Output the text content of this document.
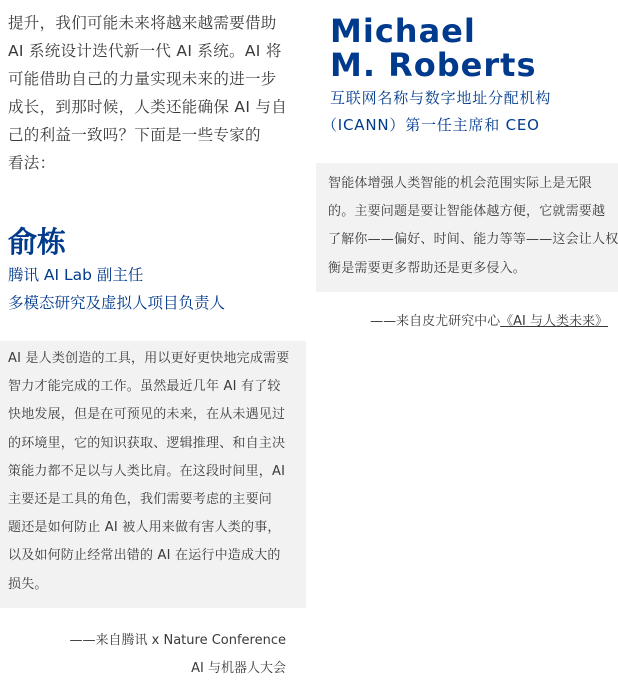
提升，我们可能未来将越来越需要借助
AI 系统设计迭代新一代 AI 系统。AI 将
可能借助自己的力量实现未来的进一步
成长，到那时候，人类还能确保 AI 与自
己的利益一致吗？下面是一些专家的
看法：
俞栋
腾讯 AI Lab 副主任
多模态研究及虚拟人项目负责人
AI 是人类创造的工具，用以更好更快地完成需要
智力才能完成的工作。虽然最近几年 AI 有了较
快地发展，但是在可预见的未来，在从未遇见过
的环境里，它的知识获取、逻辑推理、和自主决
策能力都不足以与人类比肩。在这段时间里，AI
主要还是工具的角色，我们需要考虑的主要问
题还是如何防止 AI 被人用来做有害人类的事，
以及如何防止经常出错的 AI 在运行中造成大的
损失。
——来自腾讯 x Nature Conference
AI 与机器人大会
Michael
M. Roberts
互联网名称与数字地址分配机构
（ICANN）第一任主席和 CEO
智能体增强人类智能的机会范围实际上是无限
的。主要问题是要让智能体越方便，它就需要越
了解你——偏好、时间、能力等等——这会让人权
衡是需要更多帮助还是更多侵入。
——来自皮尤研究中心《AI 与人类未来》
